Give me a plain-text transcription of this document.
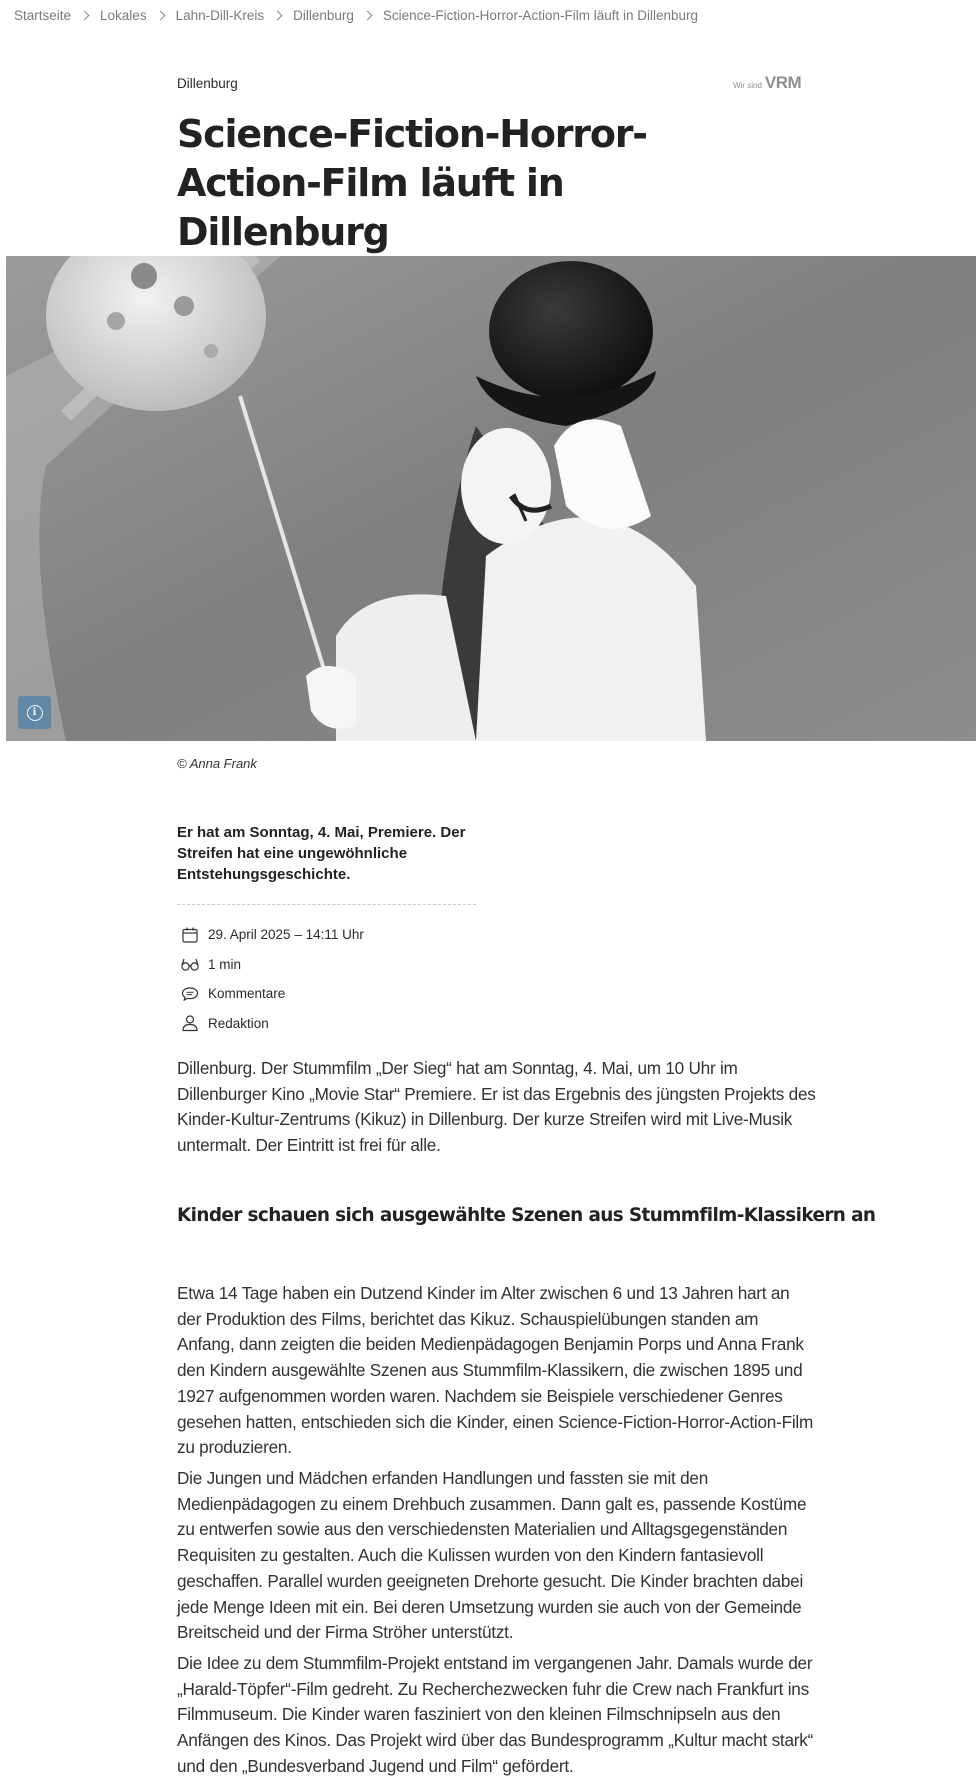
Startseite Lokales Lahn-Dill-Kreis Dillenburg Science-Fiction-Horror-Action-Film läuft in Dillenburg
Dillenburg	Wir sind VRM
Science-Fiction-Horror-Action-Film läuft in Dillenburg
i
© Anna Frank

Er hat am Sonntag, 4. Mai, Premiere. Der Streifen hat eine ungewöhnliche Entstehungsgeschichte.

29. April 2025 – 14:11 Uhr
1 min
Kommentare
Redaktion

Dillenburg. Der Stummfilm „Der Sieg“ hat am Sonntag, 4. Mai, um 10 Uhr im Dillenburger Kino „Movie Star“ Premiere. Er ist das Ergebnis des jüngsten Projekts des Kinder-Kultur-Zentrums (Kikuz) in Dillenburg. Der kurze Streifen wird mit Live-Musik untermalt. Der Eintritt ist frei für alle.

Kinder schauen sich ausgewählte Szenen aus Stummfilm-Klassikern an

Etwa 14 Tage haben ein Dutzend Kinder im Alter zwischen 6 und 13 Jahren hart an der Produktion des Films, berichtet das Kikuz. Schauspielübungen standen am Anfang, dann zeigten die beiden Medienpädagogen Benjamin Porps und Anna Frank den Kindern ausgewählte Szenen aus Stummfilm-Klassikern, die zwischen 1895 und 1927 aufgenommen worden waren. Nachdem sie Beispiele verschiedener Genres gesehen hatten, entschieden sich die Kinder, einen Science-Fiction-Horror-Action-Film zu produzieren.

Die Jungen und Mädchen erfanden Handlungen und fassten sie mit den Medienpädagogen zu einem Drehbuch zusammen. Dann galt es, passende Kostüme zu entwerfen sowie aus den verschiedensten Materialien und Alltagsgegenständen Requisiten zu gestalten. Auch die Kulissen wurden von den Kindern fantasievoll geschaffen. Parallel wurden geeigneten Drehorte gesucht. Die Kinder brachten dabei jede Menge Ideen mit ein. Bei deren Umsetzung wurden sie auch von der Gemeinde Breitscheid und der Firma Ströher unterstützt.

Die Idee zu dem Stummfilm-Projekt entstand im vergangenen Jahr. Damals wurde der „Harald-Töpfer“-Film gedreht. Zu Recherchezwecken fuhr die Crew nach Frankfurt ins Filmmuseum. Die Kinder waren fasziniert von den kleinen Filmschnipseln aus den Anfängen des Kinos. Das Projekt wird über das Bundesprogramm „Kultur macht stark“ und den „Bundesverband Jugend und Film“ gefördert.
